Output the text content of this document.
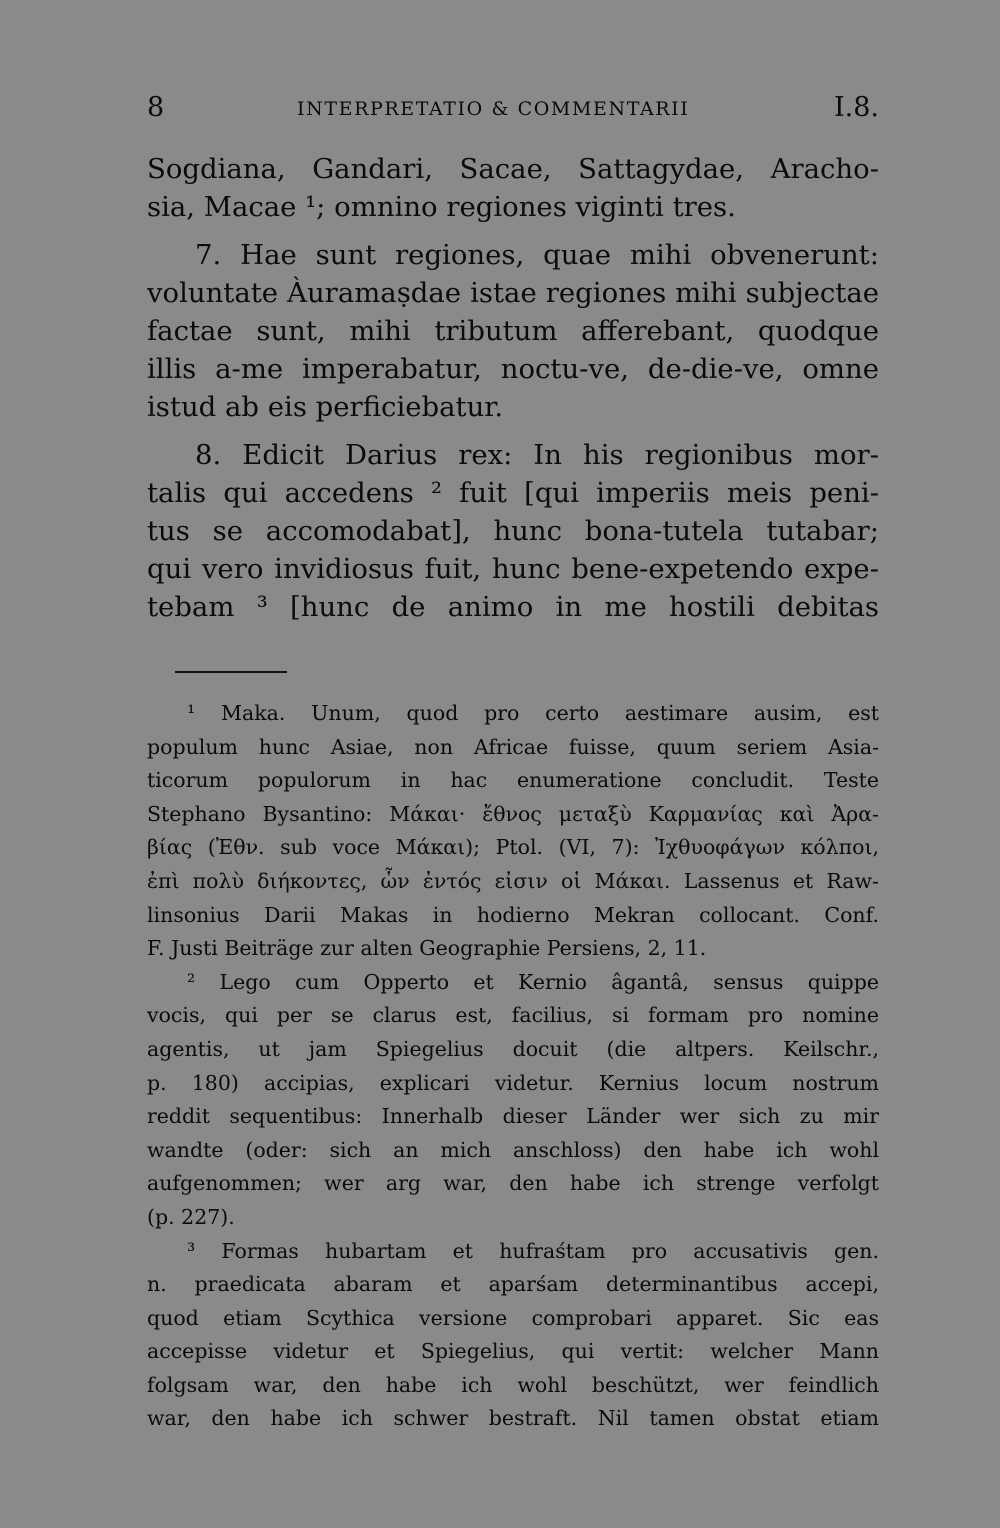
8	INTERPRETATIO & COMMENTARII	I.8.
Sogdiana, Gandari, Sacae, Sattagydae, Aracho-
sia, Macae ¹; omnino regiones viginti tres.
7. Hae sunt regiones, quae mihi obvenerunt:
voluntate Àuramaṣdae istae regiones mihi subjectae
factae sunt, mihi tributum afferebant, quodque
illis a-me imperabatur, noctu-ve, de-die-ve, omne
istud ab eis perficiebatur.
8. Edicit Darius rex: In his regionibus mor-
talis qui accedens ² fuit [qui imperiis meis peni-
tus se accomodabat], hunc bona-tutela tutabar;
qui vero invidiosus fuit, hunc bene-expetendo expe-
tebam ³ [hunc de animo in me hostili debitas
¹ Maka. Unum, quod pro certo aestimare ausim, est
populum hunc Asiae, non Africae fuisse, quum seriem Asia-
ticorum populorum in hac enumeratione concludit. Teste
Stephano Bysantino: Μάκαι· ἔθνος μεταξὺ Καρμανίας καὶ Ἀρα-
βίας (Ἐθν. sub voce Μάκαι); Ptol. (VI, 7): Ἰχθυοφάγων κόλποι,
ἐπὶ πολὺ διήκοντες, ὧν ἐντός εἰσιν οἱ Μάκαι. Lassenus et Raw-
linsonius Darii Makas in hodierno Mekran collocant. Conf.
F. Justi Beiträge zur alten Geographie Persiens, 2, 11.
² Lego cum Opperto et Kernio âgantâ, sensus quippe
vocis, qui per se clarus est, facilius, si formam pro nomine
agentis, ut jam Spiegelius docuit (die altpers. Keilschr.,
p. 180) accipias, explicari videtur. Kernius locum nostrum
reddit sequentibus: Innerhalb dieser Länder wer sich zu mir
wandte (oder: sich an mich anschloss) den habe ich wohl
aufgenommen; wer arg war, den habe ich strenge verfolgt
(p. 227).
³ Formas hubartam et hufraśtam pro accusativis gen.
n. praedicata abaram et aparśam determinantibus accepi,
quod etiam Scythica versione comprobari apparet. Sic eas
accepisse videtur et Spiegelius, qui vertit: welcher Mann
folgsam war, den habe ich wohl beschützt, wer feindlich
war, den habe ich schwer bestraft. Nil tamen obstat etiam
